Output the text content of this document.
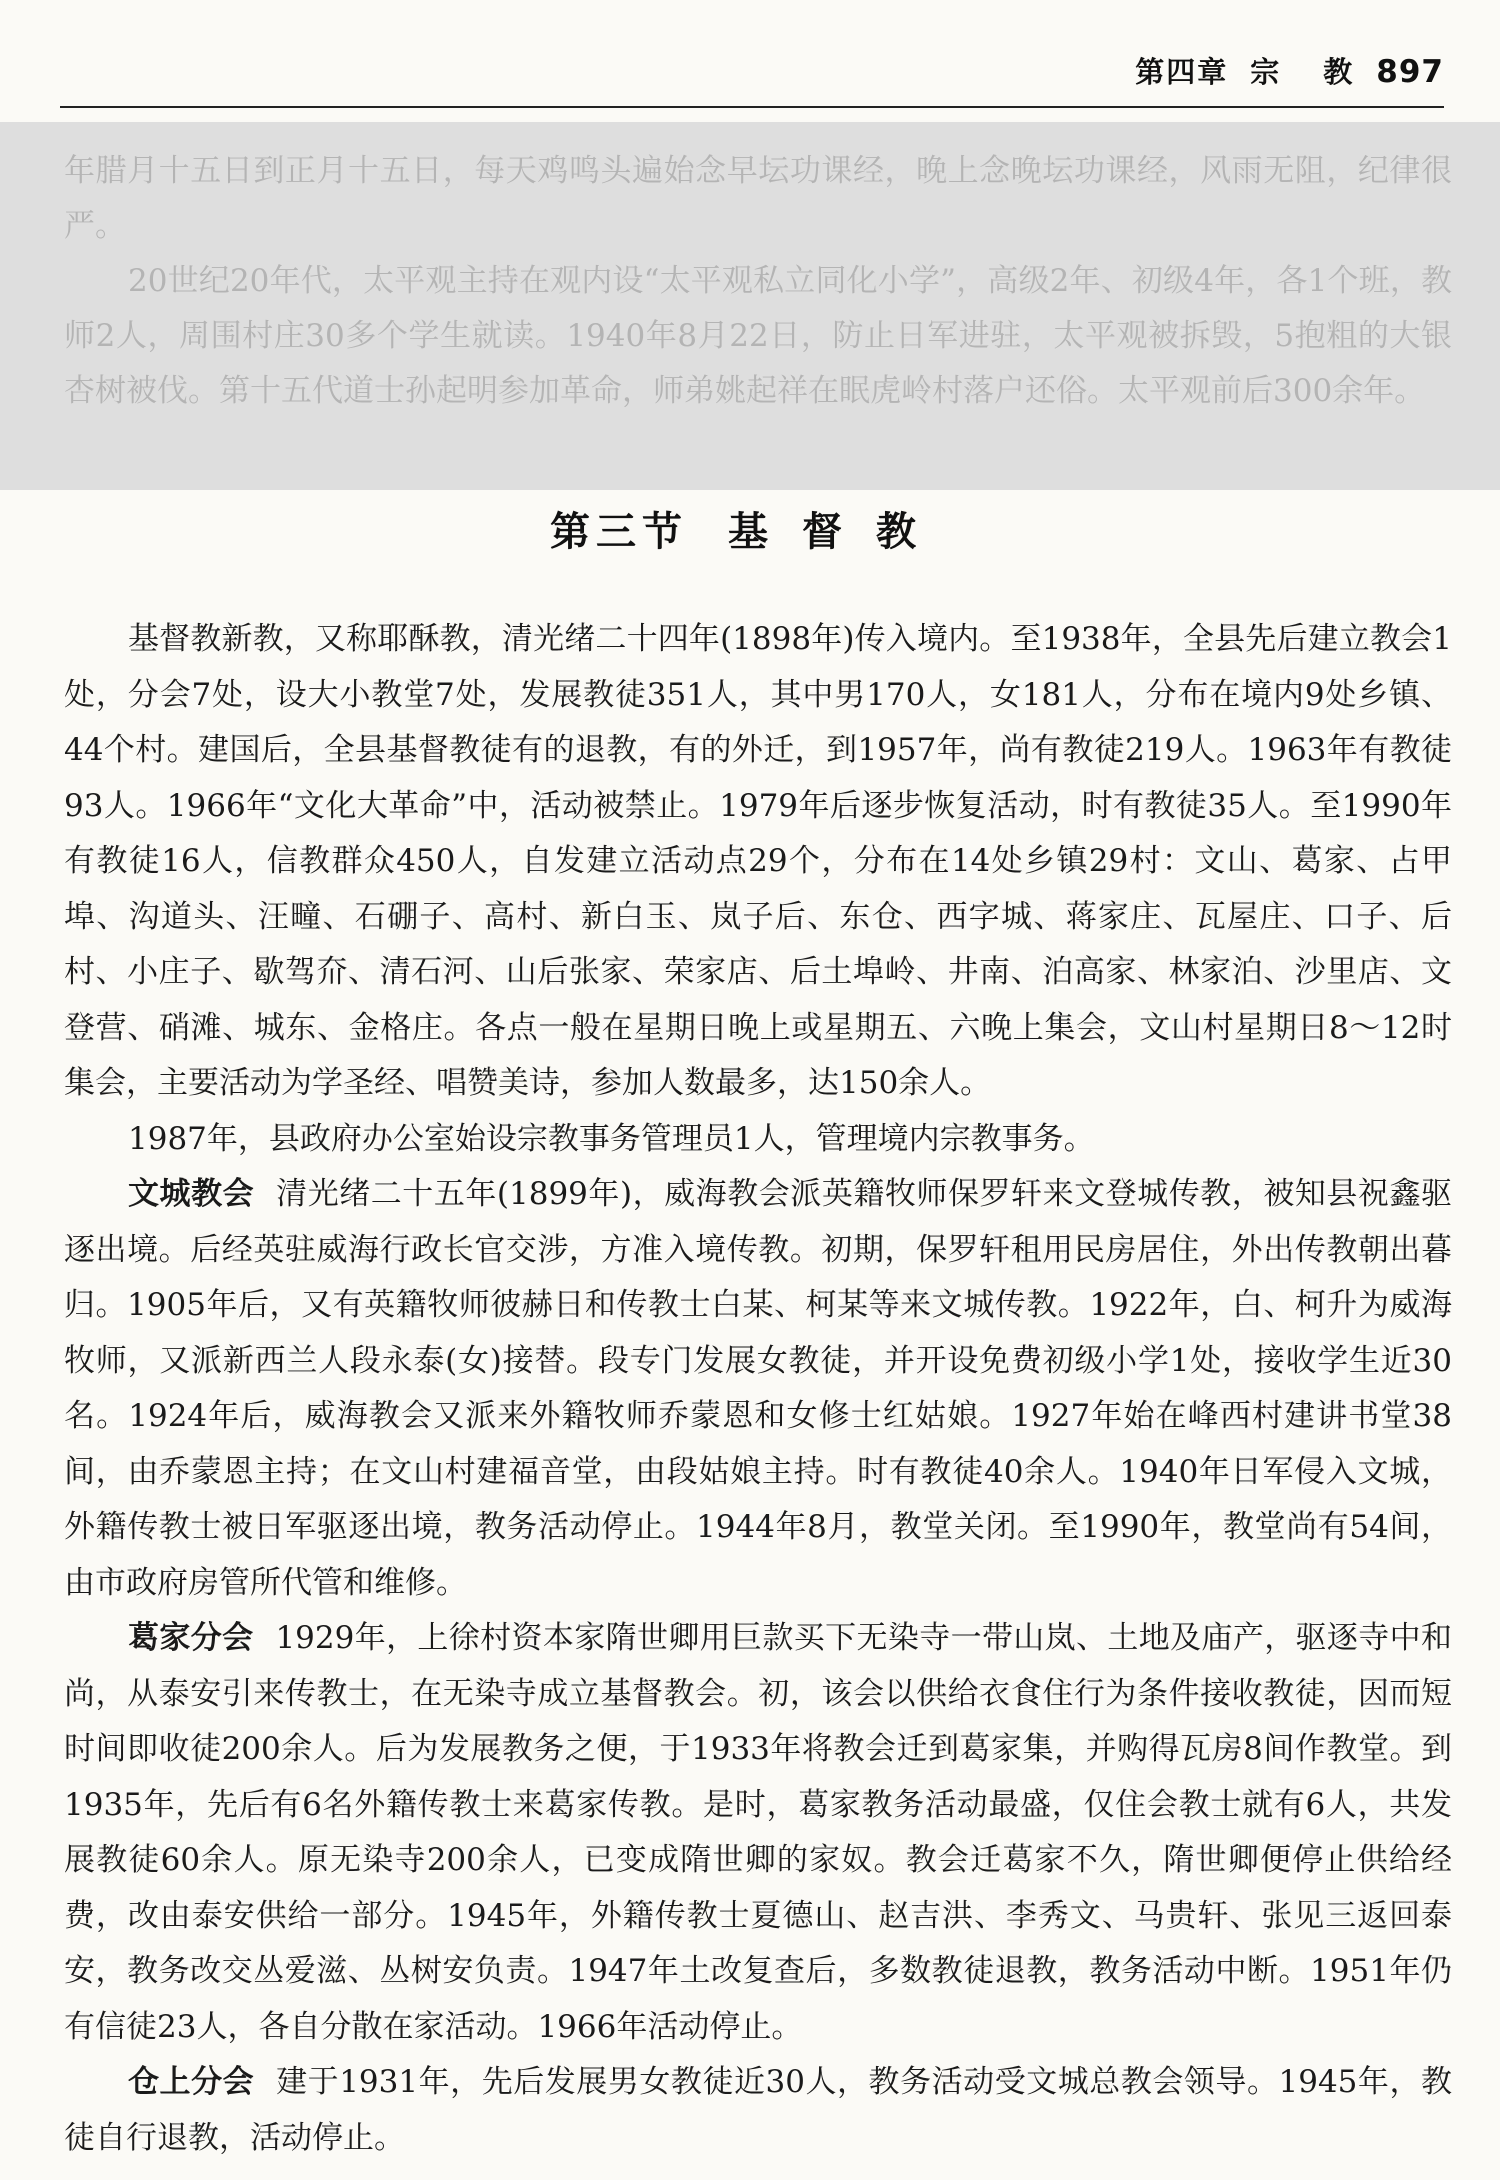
第四章 宗 教 897

年腊月十五日到正月十五日，每天鸡鸣头遍始念早坛功课经，晚上念晚坛功课经，风雨无阻，纪律很严。

20世纪20年代，太平观主持在观内设“太平观私立同化小学”，高级2年、初级4年，各1个班，教师2人，周围村庄30多个学生就读。1940年8月22日，防止日军进驻，太平观被拆毁，5抱粗的大银杏树被伐。第十五代道士孙起明参加革命，师弟姚起祥在眠虎岭村落户还俗。太平观前后300余年。

第三节 基督教

基督教新教，又称耶酥教，清光绪二十四年(1898年)传入境内。至1938年，全县先后建立教会1处，分会7处，设大小教堂7处，发展教徒351人，其中男170人，女181人，分布在境内9处乡镇、44个村。建国后，全县基督教徒有的退教，有的外迁，到1957年，尚有教徒219人。1963年有教徒93人。1966年“文化大革命”中，活动被禁止。1979年后逐步恢复活动，时有教徒35人。至1990年有教徒16人，信教群众450人，自发建立活动点29个，分布在14处乡镇29村：文山、葛家、占甲埠、沟道头、汪疃、石硼子、高村、新白玉、岚子后、东仓、西字城、蒋家庄、瓦屋庄、口子、后村、小庄子、歇驾夼、清石河、山后张家、荣家店、后土埠岭、井南、泊高家、林家泊、沙里店、文登营、硝滩、城东、金格庄。各点一般在星期日晚上或星期五、六晚上集会，文山村星期日8～12时集会，主要活动为学圣经、唱赞美诗，参加人数最多，达150余人。

1987年，县政府办公室始设宗教事务管理员1人，管理境内宗教事务。

文城教会 清光绪二十五年(1899年)，威海教会派英籍牧师保罗轩来文登城传教，被知县祝鑫驱逐出境。后经英驻威海行政长官交涉，方准入境传教。初期，保罗轩租用民房居住，外出传教朝出暮归。1905年后，又有英籍牧师彼赫日和传教士白某、柯某等来文城传教。1922年，白、柯升为威海牧师，又派新西兰人段永泰(女)接替。段专门发展女教徒，并开设免费初级小学1处，接收学生近30名。1924年后，威海教会又派来外籍牧师乔蒙恩和女修士红姑娘。1927年始在峰西村建讲书堂38间，由乔蒙恩主持；在文山村建福音堂，由段姑娘主持。时有教徒40余人。1940年日军侵入文城，外籍传教士被日军驱逐出境，教务活动停止。1944年8月，教堂关闭。至1990年，教堂尚有54间，由市政府房管所代管和维修。

葛家分会 1929年，上徐村资本家隋世卿用巨款买下无染寺一带山岚、土地及庙产，驱逐寺中和尚，从泰安引来传教士，在无染寺成立基督教会。初，该会以供给衣食住行为条件接收教徒，因而短时间即收徒200余人。后为发展教务之便，于1933年将教会迁到葛家集，并购得瓦房8间作教堂。到1935年，先后有6名外籍传教士来葛家传教。是时，葛家教务活动最盛，仅住会教士就有6人，共发展教徒60余人。原无染寺200余人，已变成隋世卿的家奴。教会迁葛家不久，隋世卿便停止供给经费，改由泰安供给一部分。1945年，外籍传教士夏德山、赵吉洪、李秀文、马贵轩、张见三返回泰安，教务改交丛爱滋、丛树安负责。1947年土改复查后，多数教徒退教，教务活动中断。1951年仍有信徒23人，各自分散在家活动。1966年活动停止。

仓上分会 建于1931年，先后发展男女教徒近30人，教务活动受文城总教会领导。1945年，教徒自行退教，活动停止。
